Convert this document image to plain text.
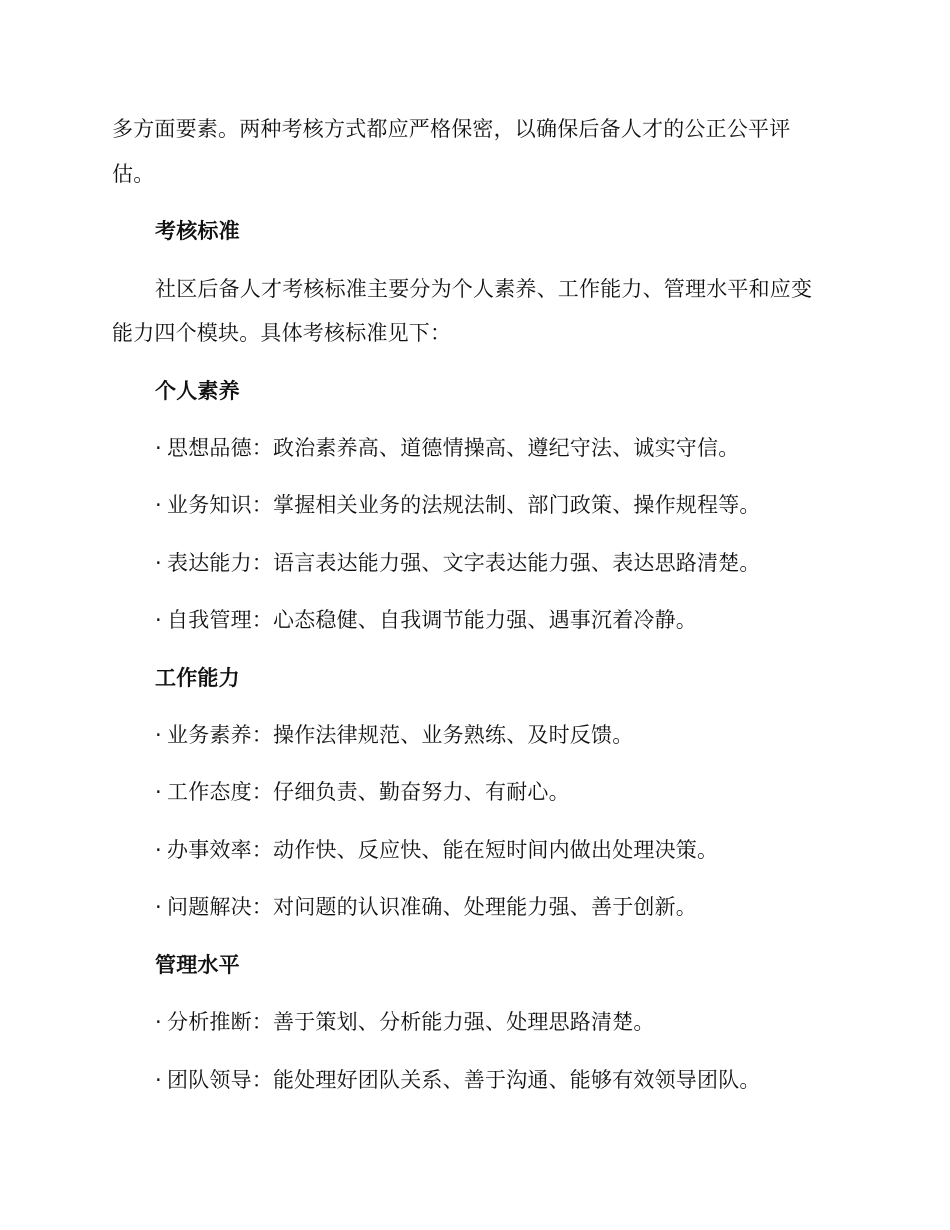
多方面要素。两种考核方式都应严格保密，以确保后备人才的公正公平评
估。
考核标准
社区后备人才考核标准主要分为个人素养、工作能力、管理水平和应变
能力四个模块。具体考核标准见下：
个人素养
· 思想品德：政治素养高、道德情操高、遵纪守法、诚实守信。
· 业务知识：掌握相关业务的法规法制、部门政策、操作规程等。
· 表达能力：语言表达能力强、文字表达能力强、表达思路清楚。
· 自我管理：心态稳健、自我调节能力强、遇事沉着冷静。
工作能力
· 业务素养：操作法律规范、业务熟练、及时反馈。
· 工作态度：仔细负责、勤奋努力、有耐心。
· 办事效率：动作快、反应快、能在短时间内做出处理决策。
· 问题解决：对问题的认识准确、处理能力强、善于创新。
管理水平
· 分析推断：善于策划、分析能力强、处理思路清楚。
· 团队领导：能处理好团队关系、善于沟通、能够有效领导团队。
